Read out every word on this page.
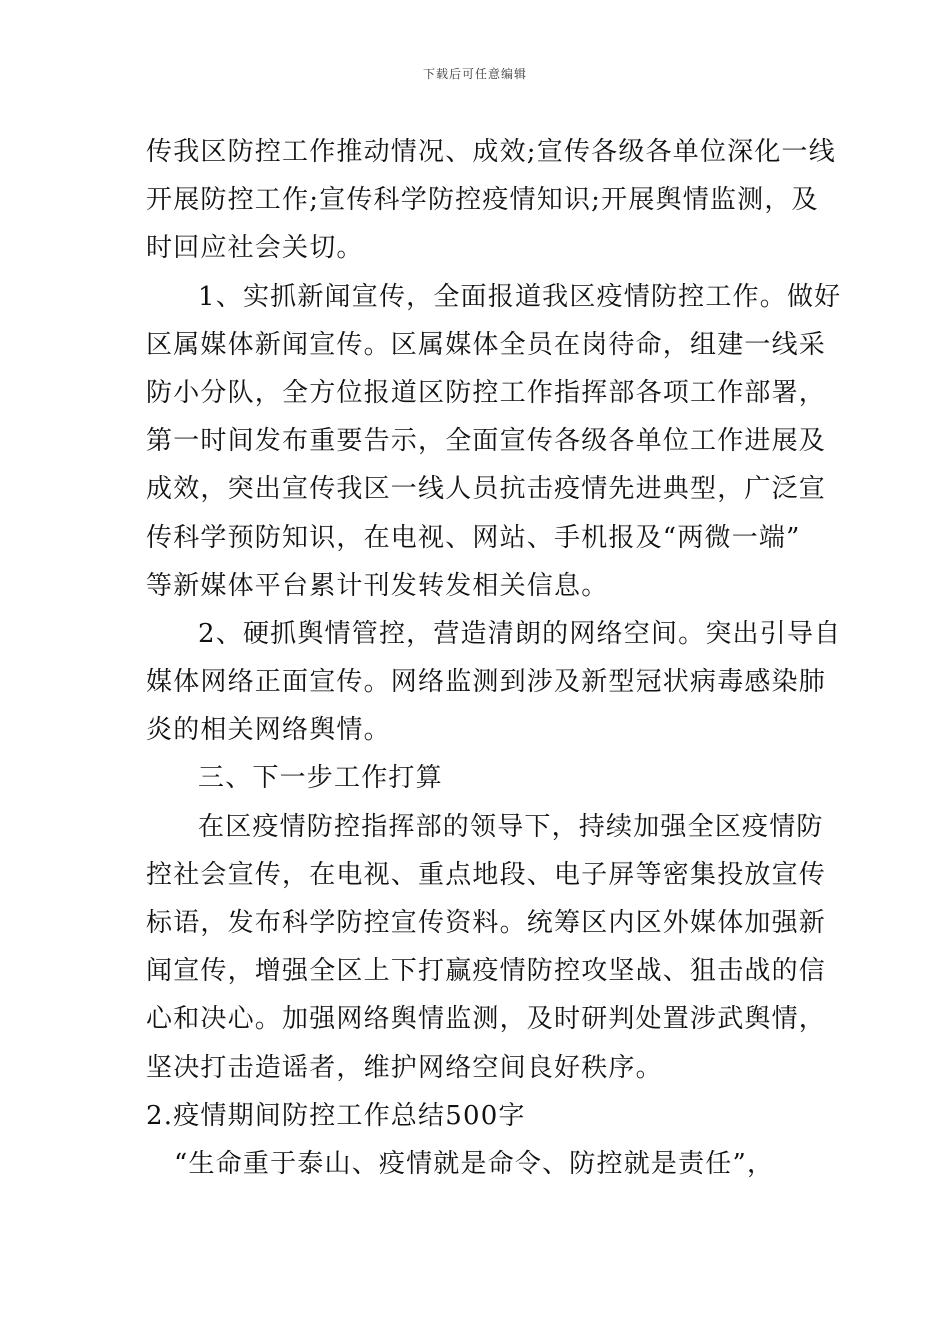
下载后可任意编辑
传我区防控工作推动情况、成效;宣传各级各单位深化一线
开展防控工作;宣传科学防控疫情知识;开展舆情监测，及
时回应社会关切。
1、实抓新闻宣传，全面报道我区疫情防控工作。做好
区属媒体新闻宣传。区属媒体全员在岗待命，组建一线采
防小分队，全方位报道区防控工作指挥部各项工作部署，
第一时间发布重要告示，全面宣传各级各单位工作进展及
成效，突出宣传我区一线人员抗击疫情先进典型，广泛宣
传科学预防知识，在电视、网站、手机报及“两微一端”
等新媒体平台累计刊发转发相关信息。
2、硬抓舆情管控，营造清朗的网络空间。突出引导自
媒体网络正面宣传。网络监测到涉及新型冠状病毒感染肺
炎的相关网络舆情。
三、下一步工作打算
在区疫情防控指挥部的领导下，持续加强全区疫情防
控社会宣传，在电视、重点地段、电子屏等密集投放宣传
标语，发布科学防控宣传资料。统筹区内区外媒体加强新
闻宣传，增强全区上下打赢疫情防控攻坚战、狙击战的信
心和决心。加强网络舆情监测，及时研判处置涉武舆情，
坚决打击造谣者，维护网络空间良好秩序。
2.疫情期间防控工作总结500字
“生命重于泰山、疫情就是命令、防控就是责任”，
